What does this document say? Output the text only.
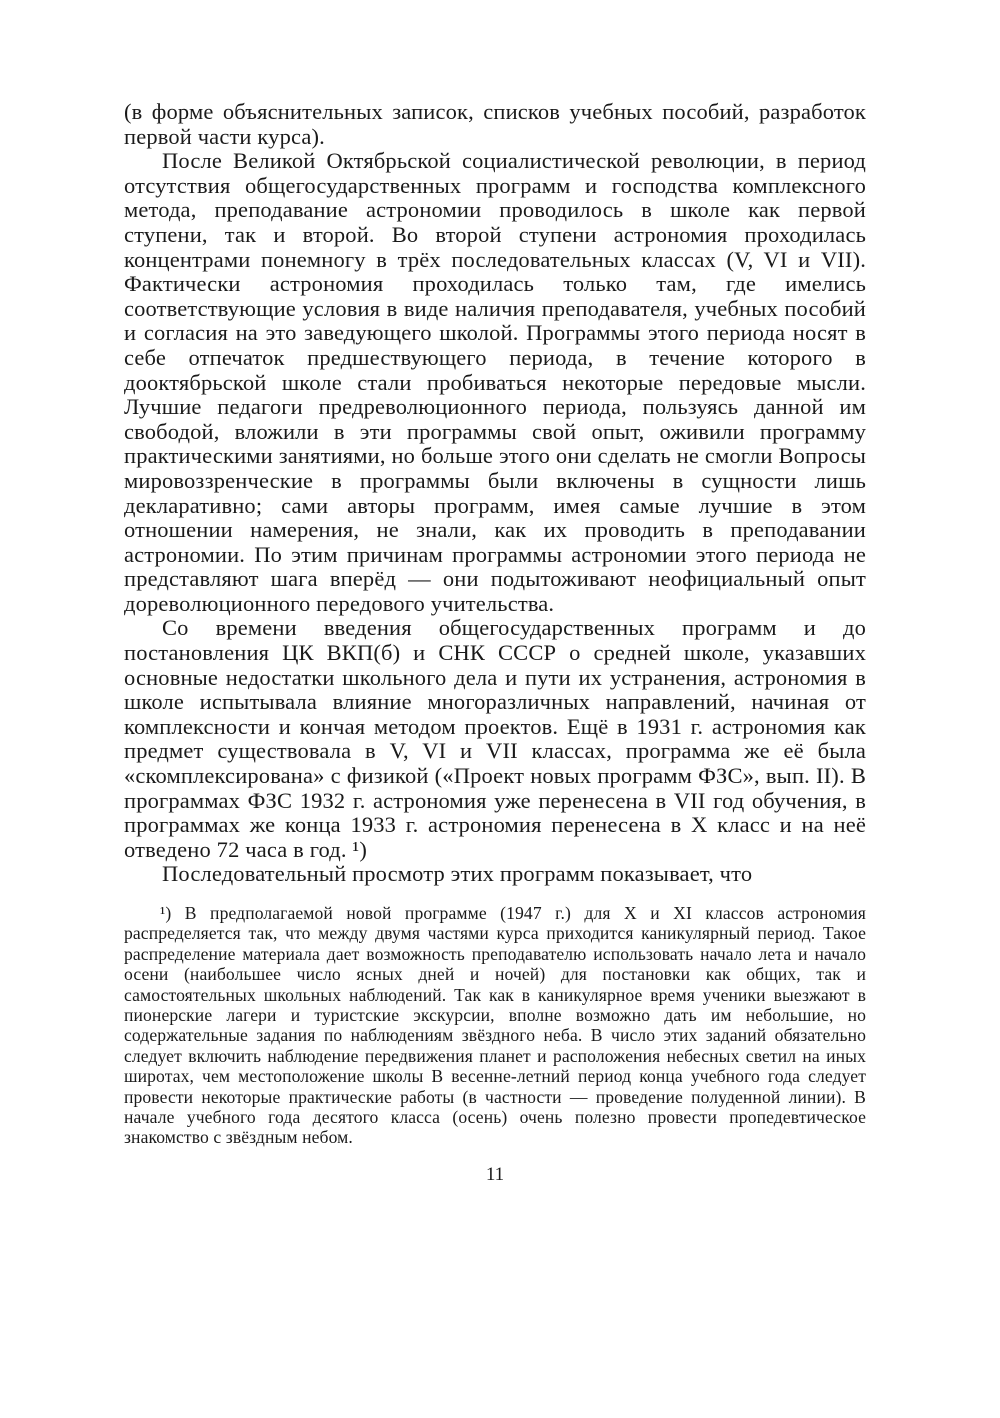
(в форме объяснительных записок, списков учебных пособий, разработок первой части курса).

После Великой Октябрьской социалистической революции, в период отсутствия общегосударственных программ и господства комплексного метода, преподавание астрономии проводилось в школе как первой ступени, так и второй. Во второй ступени астрономия проходилась концентрами понемногу в трёх последовательных классах (V, VI и VII). Фактически астрономия проходилась только там, где имелись соответствующие условия в виде наличия преподавателя, учебных пособий и согласия на это заведующего школой. Программы этого периода носят в себе отпечаток предшествующего периода, в течение которого в дооктябрьской школе стали пробиваться некоторые передовые мысли. Лучшие педагоги предреволюционного периода, пользуясь данной им свободой, вложили в эти программы свой опыт, оживили программу практическими занятиями, но больше этого они сделать не смогли Вопросы мировоззренческие в программы были включены в сущности лишь декларативно; сами авторы программ, имея самые лучшие в этом отношении намерения, не знали, как их проводить в преподавании астрономии. По этим причинам программы астрономии этого периода не представляют шага вперёд — они подытоживают неофициальный опыт дореволюционного передового учительства.

Со времени введения общегосударственных программ и до постановления ЦК ВКП(б) и СНК СССР о средней школе, указавших основные недостатки школьного дела и пути их устранения, астрономия в школе испытывала влияние многоразличных направлений, начиная от комплексности и кончая методом проектов. Ещё в 1931 г. астрономия как предмет существовала в V, VI и VII классах, программа же её была «скомплексирована» с физикой («Проект новых программ ФЗС», вып. II). В программах ФЗС 1932 г. астрономия уже перенесена в VII год обучения, в программах же конца 1933 г. астрономия перенесена в X класс и на неё отведено 72 часа в год. ¹)

Последовательный просмотр этих программ показывает, что

¹) В предполагаемой новой программе (1947 г.) для X и XI классов астрономия распределяется так, что между двумя частями курса приходится каникулярный период. Такое распределение материала дает возможность преподавателю использовать начало лета и начало осени (наибольшее число ясных дней и ночей) для постановки как общих, так и самостоятельных школьных наблюдений. Так как в каникулярное время ученики выезжают в пионерские лагери и туристские экскурсии, вполне возможно дать им небольшие, но содержательные задания по наблюдениям звёздного неба. В число этих заданий обязательно следует включить наблюдение передвижения планет и расположения небесных светил на иных широтах, чем местоположение школы В весенне-летний период конца учебного года следует провести некоторые практические работы (в частности — проведение полуденной линии). В начале учебного года десятого класса (осень) очень полезно провести пропедевтическое знакомство с звёздным небом.

11
